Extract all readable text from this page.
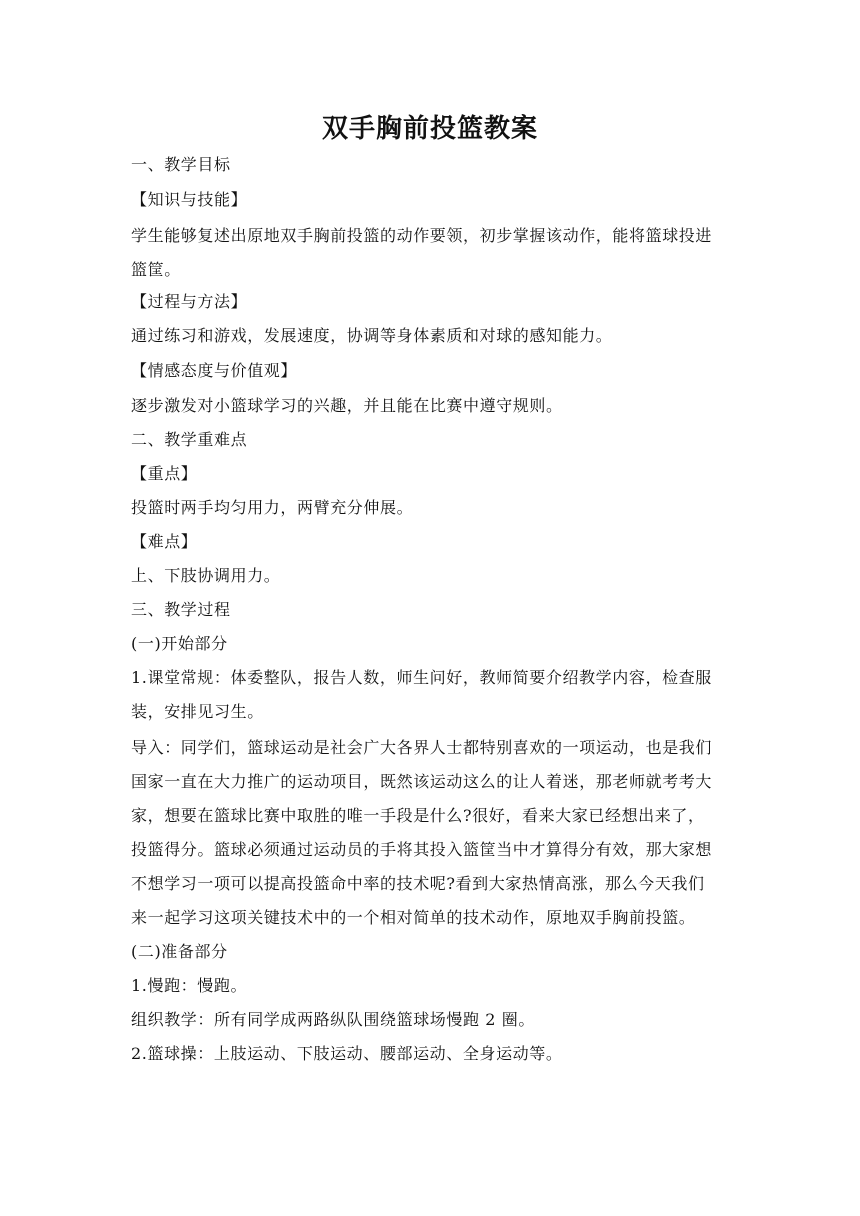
双手胸前投篮教案
一、教学目标
【知识与技能】
学生能够复述出原地双手胸前投篮的动作要领，初步掌握该动作，能将篮球投进
篮筐。
【过程与方法】
通过练习和游戏，发展速度，协调等身体素质和对球的感知能力。
【情感态度与价值观】
逐步激发对小篮球学习的兴趣，并且能在比赛中遵守规则。
二、教学重难点
【重点】
投篮时两手均匀用力，两臂充分伸展。
【难点】
上、下肢协调用力。
三、教学过程
(一)开始部分
1.课堂常规：体委整队，报告人数，师生问好，教师简要介绍教学内容，检查服
装，安排见习生。
导入：同学们，篮球运动是社会广大各界人士都特别喜欢的一项运动，也是我们
国家一直在大力推广的运动项目，既然该运动这么的让人着迷，那老师就考考大
家，想要在篮球比赛中取胜的唯一手段是什么?很好，看来大家已经想出来了，
投篮得分。篮球必须通过运动员的手将其投入篮筐当中才算得分有效，那大家想
不想学习一项可以提高投篮命中率的技术呢?看到大家热情高涨，那么今天我们
来一起学习这项关键技术中的一个相对简单的技术动作，原地双手胸前投篮。
(二)准备部分
1.慢跑：慢跑。
组织教学：所有同学成两路纵队围绕篮球场慢跑 2 圈。
2.篮球操：上肢运动、下肢运动、腰部运动、全身运动等。
